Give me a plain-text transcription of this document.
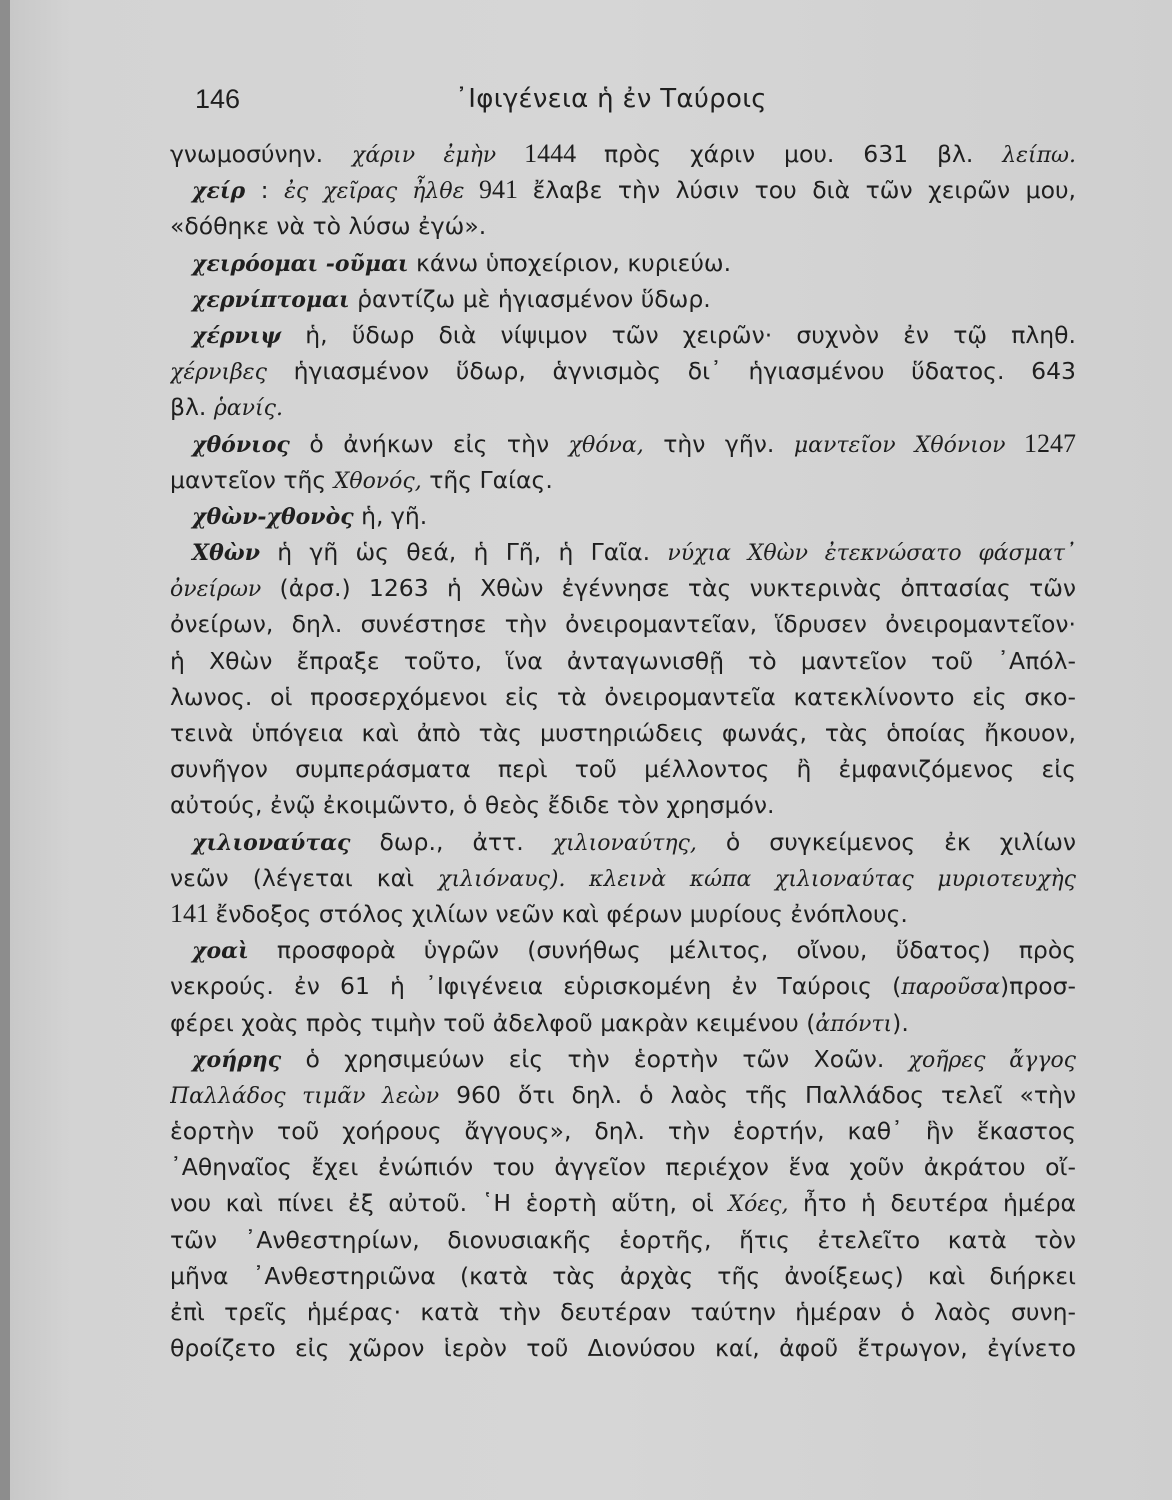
146	᾿Ιφιγένεια ἡ ἐν Ταύροις
γνωμοσύνην. χάριν ἐμὴν 1444 πρὸς χάριν μου. 631 βλ. λείπω.
χείρ : ἐς χεῖρας ἦλθε 941 ἔλαβε τὴν λύσιν του διὰ τῶν χειρῶν μου,
«δόθηκε νὰ τὸ λύσω ἐγώ».
χειρόομαι -οῦμαι κάνω ὑποχείριον, κυριεύω.
χερνίπτομαι ῥαντίζω μὲ ἡγιασμένον ὕδωρ.
χέρνιψ ἡ, ὕδωρ διὰ νίψιμον τῶν χειρῶν· συχνὸν ἐν τῷ πληθ.
χέρνιβες ἡγιασμένον ὕδωρ, ἁγνισμὸς δι᾽ ἡγιασμένου ὕδατος. 643
βλ. ῥανίς.
χθόνιος ὁ ἀνήκων εἰς τὴν χθόνα, τὴν γῆν. μαντεῖον Χθόνιον 1247
μαντεῖον τῆς Χθονός, τῆς Γαίας.
χθὼν-χθονὸς ἡ, γῆ.
Χθὼν ἡ γῆ ὡς θεά, ἡ Γῆ, ἡ Γαῖα. νύχια Χθὼν ἐτεκνώσατο φάσματ᾽
ὀνείρων (ἀρσ.) 1263 ἡ Χθὼν ἐγέννησε τὰς νυκτερινὰς ὀπτασίας τῶν
ὀνείρων, δηλ. συνέστησε τὴν ὀνειρομαντεῖαν, ἵδρυσεν ὀνειρομαντεῖον·
ἡ Χθὼν ἔπραξε τοῦτο, ἵνα ἀνταγωνισθῇ τὸ μαντεῖον τοῦ ᾿Απόλ-
λωνος. οἱ προσερχόμενοι εἰς τὰ ὀνειρομαντεῖα κατεκλίνοντο εἰς σκο-
τεινὰ ὑπόγεια καὶ ἀπὸ τὰς μυστηριώδεις φωνάς, τὰς ὁποίας ἤκουον,
συνῆγον συμπεράσματα περὶ τοῦ μέλλοντος ἢ ἐμφανιζόμενος εἰς
αὐτούς, ἐνῷ ἐκοιμῶντο, ὁ θεὸς ἔδιδε τὸν χρησμόν.
χιλιοναύτας δωρ., ἀττ. χιλιοναύτης, ὁ συγκείμενος ἐκ χιλίων
νεῶν (λέγεται καὶ χιλιόναυς). κλεινὰ κώπα χιλιοναύτας μυριοτευχὴς
141 ἔνδοξος στόλος χιλίων νεῶν καὶ φέρων μυρίους ἐνόπλους.
χοαὶ προσφορὰ ὑγρῶν (συνήθως μέλιτος, οἴνου, ὕδατος) πρὸς
νεκρούς. ἐν 61 ἡ ᾿Ιφιγένεια εὑρισκομένη ἐν Ταύροις (παροῦσα)προσ-
φέρει χοὰς πρὸς τιμὴν τοῦ ἀδελφοῦ μακρὰν κειμένου (ἀπόντι).
χοήρης ὁ χρησιμεύων εἰς τὴν ἑορτὴν τῶν Χοῶν. χοῆρες ἄγγος
Παλλάδος τιμᾶν λεὼν 960 ὅτι δηλ. ὁ λαὸς τῆς Παλλάδος τελεῖ «τὴν
ἑορτὴν τοῦ χοήρους ἄγγους», δηλ. τὴν ἑορτήν, καθ᾽ ἣν ἕκαστος
᾿Αθηναῖος ἔχει ἐνώπιόν του ἀγγεῖον περιέχον ἕνα χοῦν ἀκράτου οἴ-
νου καὶ πίνει ἐξ αὐτοῦ. ῾Η ἑορτὴ αὕτη, οἱ Χόες, ἦτο ἡ δευτέρα ἡμέρα
τῶν ᾿Ανθεστηρίων, διονυσιακῆς ἑορτῆς, ἥτις ἐτελεῖτο κατὰ τὸν
μῆνα ᾿Ανθεστηριῶνα (κατὰ τὰς ἀρχὰς τῆς ἀνοίξεως) καὶ διήρκει
ἐπὶ τρεῖς ἡμέρας· κατὰ τὴν δευτέραν ταύτην ἡμέραν ὁ λαὸς συνη-
θροίζετο εἰς χῶρον ἱερὸν τοῦ Διονύσου καί, ἀφοῦ ἔτρωγον, ἐγίνετο
